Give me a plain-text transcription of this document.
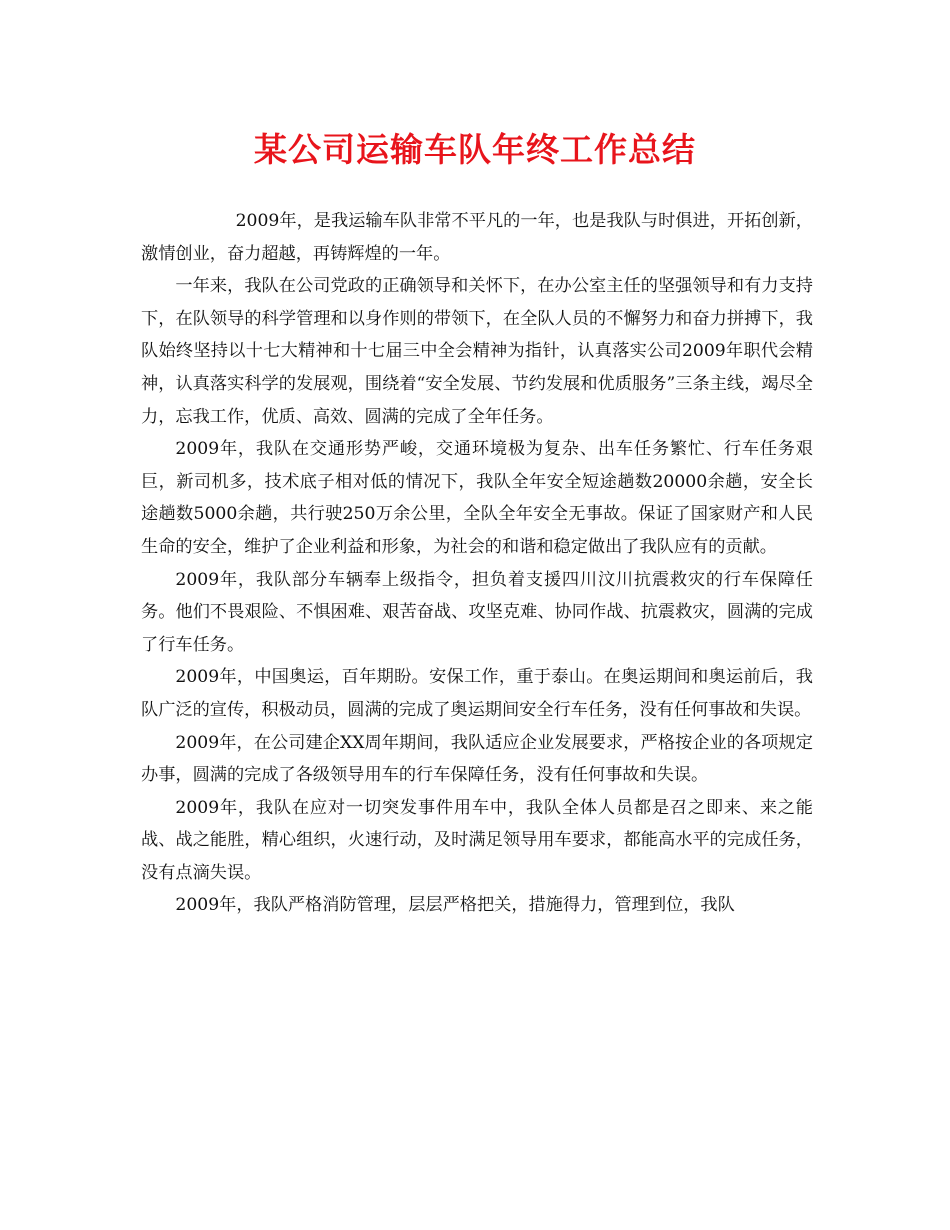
某公司运输车队年终工作总结

2009年，是我运输车队非常不平凡的一年，也是我队与时俱进，开拓创新，激情创业，奋力超越，再铸辉煌的一年。

一年来，我队在公司党政的正确领导和关怀下，在办公室主任的坚强领导和有力支持下，在队领导的科学管理和以身作则的带领下，在全队人员的不懈努力和奋力拼搏下，我队始终坚持以十七大精神和十七届三中全会精神为指针，认真落实公司2009年职代会精神，认真落实科学的发展观，围绕着“安全发展、节约发展和优质服务”三条主线，竭尽全力，忘我工作，优质、高效、圆满的完成了全年任务。

2009年，我队在交通形势严峻，交通环境极为复杂、出车任务繁忙、行车任务艰巨，新司机多，技术底子相对低的情况下，我队全年安全短途趟数20000余趟，安全长途趟数5000余趟，共行驶250万余公里，全队全年安全无事故。保证了国家财产和人民生命的安全，维护了企业利益和形象，为社会的和谐和稳定做出了我队应有的贡献。

2009年，我队部分车辆奉上级指令，担负着支援四川汶川抗震救灾的行车保障任务。他们不畏艰险、不惧困难、艰苦奋战、攻坚克难、协同作战、抗震救灾，圆满的完成了行车任务。

2009年，中国奥运，百年期盼。安保工作，重于泰山。在奥运期间和奥运前后，我队广泛的宣传，积极动员，圆满的完成了奥运期间安全行车任务，没有任何事故和失误。

2009年，在公司建企XX周年期间，我队适应企业发展要求，严格按企业的各项规定办事，圆满的完成了各级领导用车的行车保障任务，没有任何事故和失误。

2009年，我队在应对一切突发事件用车中，我队全体人员都是召之即来、来之能战、战之能胜，精心组织，火速行动，及时满足领导用车要求，都能高水平的完成任务，没有点滴失误。

2009年，我队严格消防管理，层层严格把关，措施得力，管理到位，我队
